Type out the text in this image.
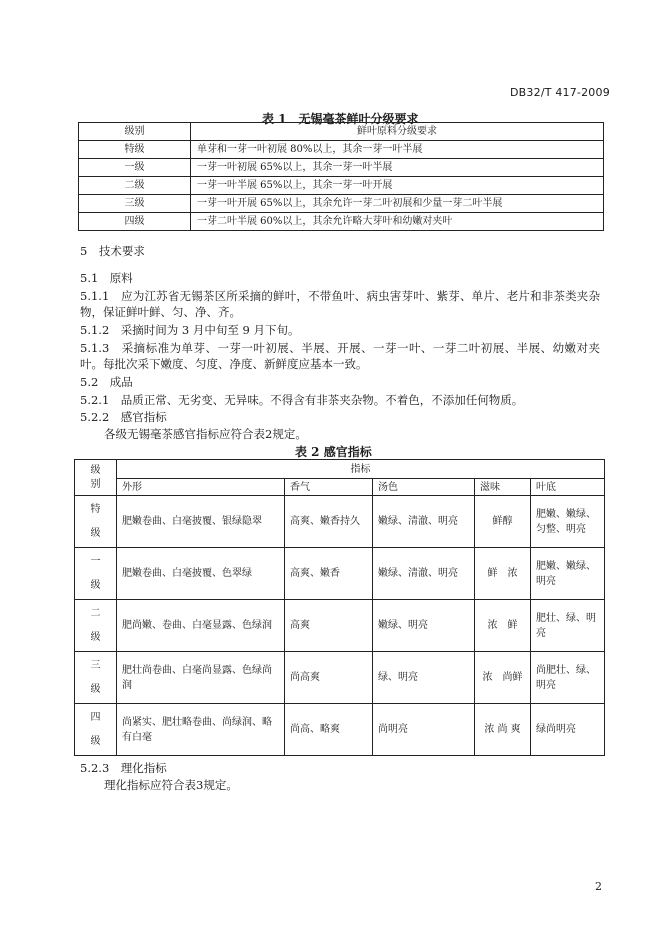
DB32/T 417-2009
表 1　无锡毫茶鲜叶分级要求
级别	鲜叶原料分级要求
特级	单芽和一芽一叶初展 80%以上，其余一芽一叶半展
一级	一芽一叶初展 65%以上，其余一芽一叶半展
二级	一芽一叶半展 65%以上，其余一芽一叶开展
三级	一芽一叶开展 65%以上，其余允许一芽二叶初展和少量一芽二叶半展
四级	一芽二叶半展 60%以上，其余允许略大芽叶和幼嫩对夹叶
5　技术要求
5.1　原料
5.1.1　应为江苏省无锡茶区所采摘的鲜叶，不带鱼叶、病虫害芽叶、紫芽、单片、老片和非茶类夹杂物，保证鲜叶鲜、匀、净、齐。
5.1.2　采摘时间为 3 月中旬至 9 月下旬。
5.1.3　采摘标准为单芽、一芽一叶初展、半展、开展、一芽一叶、一芽二叶初展、半展、幼嫩对夹叶。每批次采下嫩度、匀度、净度、新鲜度应基本一致。
5.2　成品
5.2.1　品质正常、无劣变、无异味。不得含有非茶夹杂物。不着色，不添加任何物质。
5.2.2　感官指标
各级无锡毫茶感官指标应符合表2规定。
表 2 感官指标
级
别	指标				
	外形	香气	汤色	滋味	叶底

特
级	肥嫩卷曲、白毫披覆、银绿隐翠	高爽、嫩香持久	嫩绿、清澈、明亮	鲜醇	肥嫩、嫩绿、匀整、明亮

一
级	肥嫩卷曲、白毫披覆、色翠绿	高爽、嫩香	嫩绿、清澈、明亮	鲜　浓	肥嫩、嫩绿、明亮

二
级	肥尚嫩、卷曲、白毫显露、色绿润	高爽	嫩绿、明亮	浓　鲜	肥壮、绿、明亮

三
级	肥壮尚卷曲、白毫尚显露、色绿尚润	尚高爽	绿、明亮	浓　尚鲜	尚肥壮、绿、明亮

四
级	尚紧实、肥壮略卷曲、尚绿润、略有白毫	尚高、略爽	尚明亮	浓 尚 爽	绿尚明亮
5.2.3　理化指标
理化指标应符合表3规定。
2
